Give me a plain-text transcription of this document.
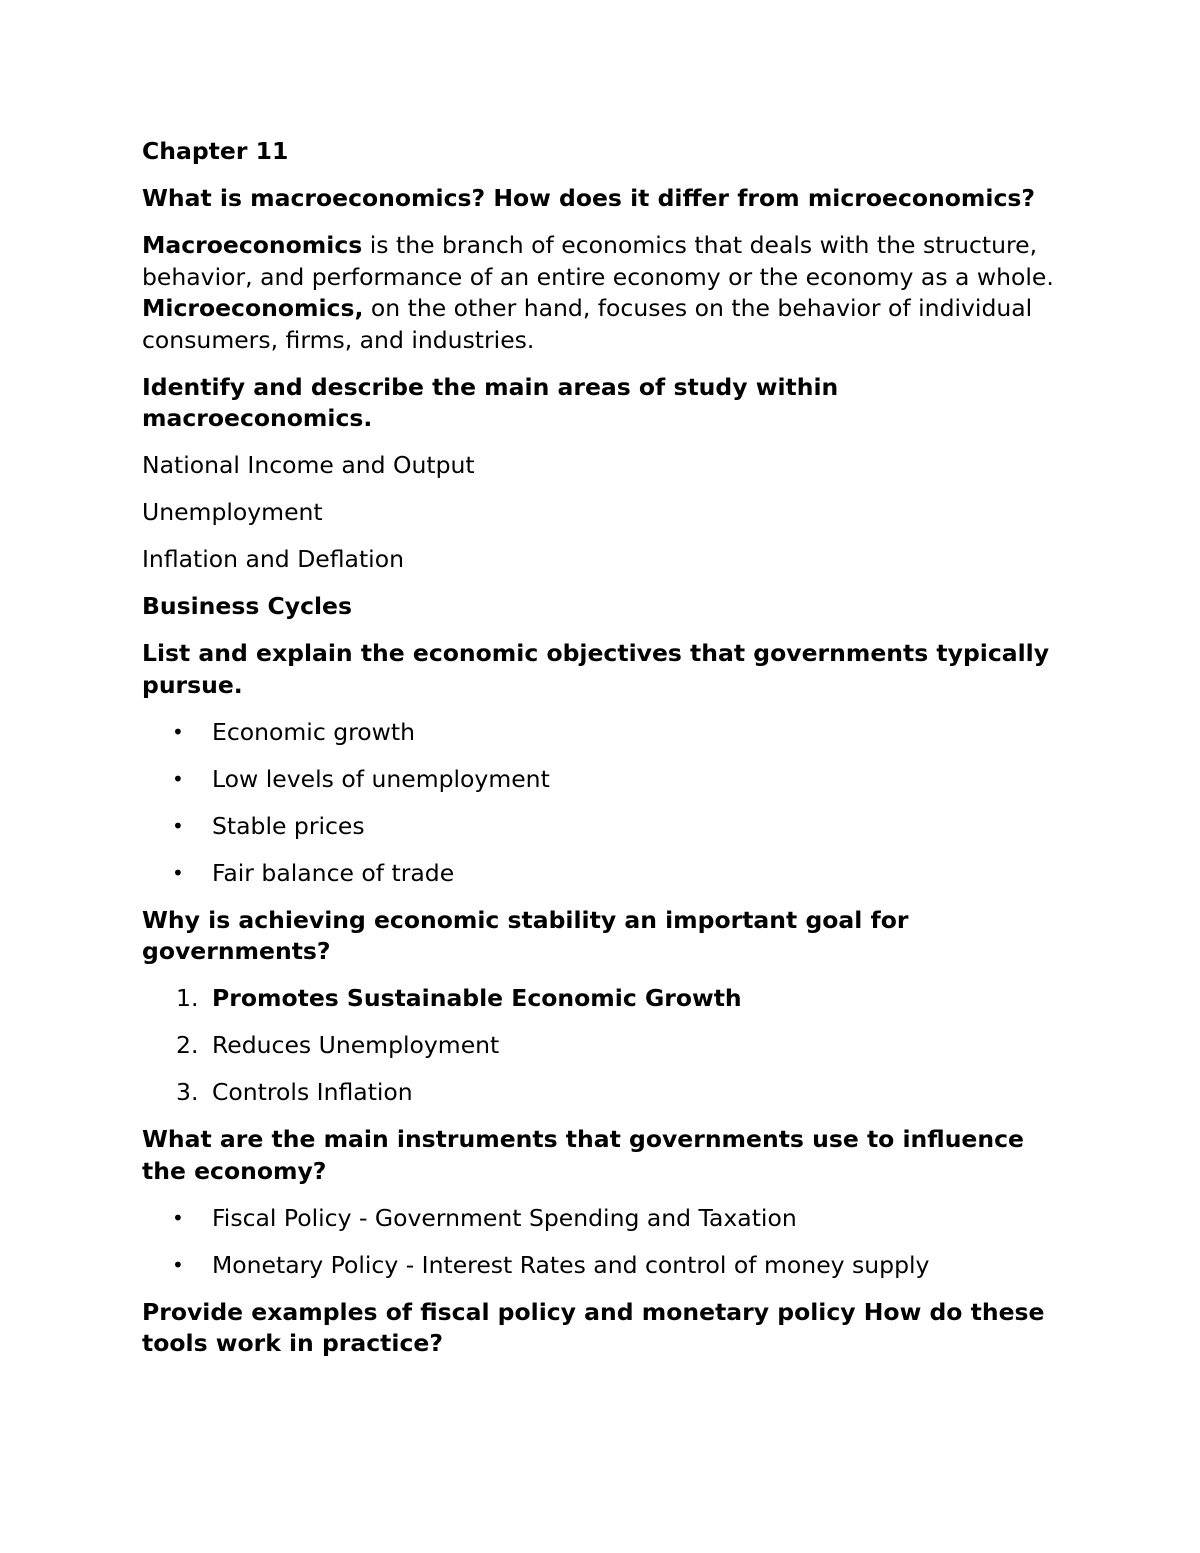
Chapter 11

What is macroeconomics? How does it differ from microeconomics?

Macroeconomics is the branch of economics that deals with the structure, behavior, and performance of an entire economy or the economy as a whole. Microeconomics, on the other hand, focuses on the behavior of individual consumers, firms, and industries.

Identify and describe the main areas of study within macroeconomics.

National Income and Output

Unemployment

Inflation and Deflation

Business Cycles

List and explain the economic objectives that governments typically pursue.

•	Economic growth
•	Low levels of unemployment
•	Stable prices
•	Fair balance of trade

Why is achieving economic stability an important goal for governments?

1. Promotes Sustainable Economic Growth
2. Reduces Unemployment
3. Controls Inflation

What are the main instruments that governments use to influence the economy?

•	Fiscal Policy - Government Spending and Taxation
•	Monetary Policy - Interest Rates and control of money supply

Provide examples of fiscal policy and monetary policy How do these tools work in practice?
